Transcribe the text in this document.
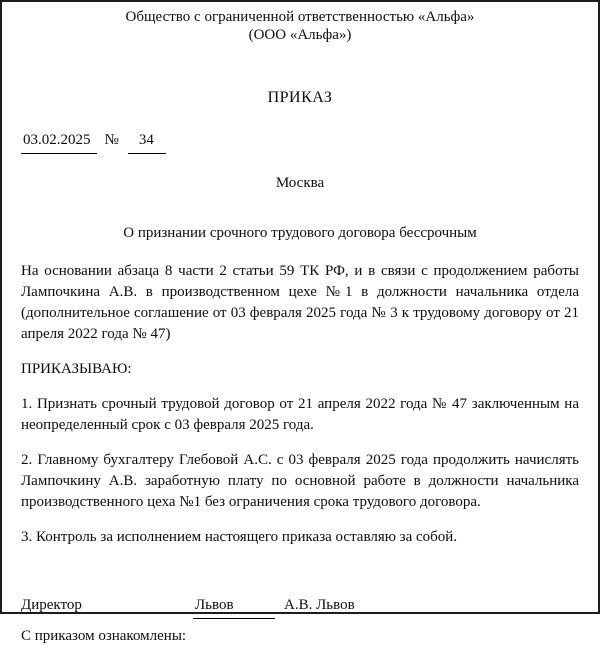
Общество с ограниченной ответственностью «Альфа»
(ООО «Альфа»)
ПРИКАЗ
03.02.2025 №	34
Москва
О признании срочного трудового договора бессрочным

На основании абзаца 8 части 2 статьи 59 ТК РФ, и в связи с продолжением работы Лампочкина А.В. в производственном цехе №1 в должности начальника отдела (дополнительное соглашение от 03 февраля 2025 года № 3 к трудовому договору от 21 апреля 2022 года № 47)

ПРИКАЗЫВАЮ:

1. Признать срочный трудовой договор от 21 апреля 2022 года № 47 заключенным на неопределенный срок с 03 февраля 2025 года.

2. Главному бухгалтеру Глебовой А.С. с 03 февраля 2025 года продолжить начислять Лампочкину А.В. заработную плату по основной работе в должности начальника производственного цеха №1 без ограничения срока трудового договора.

3. Контроль за исполнением настоящего приказа оставляю за собой.

Директор	Львов	А.В. Львов
С приказом ознакомлены:
